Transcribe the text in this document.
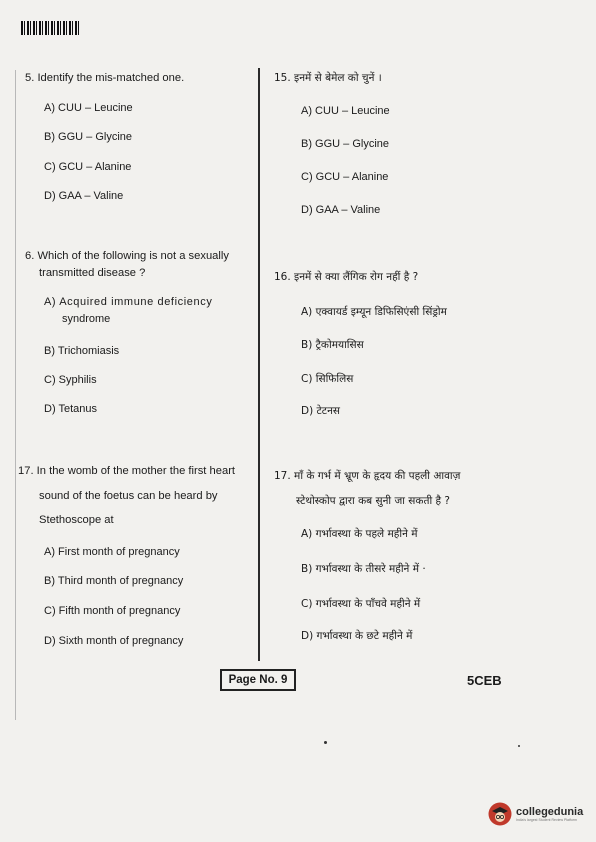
5. Identify the mis-matched one.
A) CUU – Leucine
B) GGU – Glycine
C) GCU – Alanine
D) GAA – Valine
6. Which of the following is not a sexually
transmitted disease ?
A) Acquired immune deficiency
syndrome
B) Trichomiasis
C) Syphilis
D) Tetanus
17. In the womb of the mother the first heart
sound of the foetus can be heard by
Stethoscope at
A) First month of pregnancy
B) Third month of pregnancy
C) Fifth month of pregnancy
D) Sixth month of pregnancy
15. इनमें से बेमेल को चुनें ।
A) CUU – Leucine
B) GGU – Glycine
C) GCU – Alanine
D) GAA – Valine
16. इनमें से क्या लैंगिक रोग नहीं है ?
A) एक्वायर्ड इम्यून डिफिसिएंसी सिंड्रोम
B) ट्रैकोमयासिस
C) सिफिलिस
D) टेटनस
17. माँ के गर्भ में भ्रूण के हृदय की पहली आवाज़
स्टेथोस्कोप द्वारा कब सुनी जा सकती है ?
A) गर्भावस्था के पहले महीने में
B) गर्भावस्था के तीसरे महीने में ·
C) गर्भावस्था के पाँचवे महीने में
D) गर्भावस्था के छटे महीने में
Page No. 9	5CEB
collegedunia
India's largest Student Review Platform
